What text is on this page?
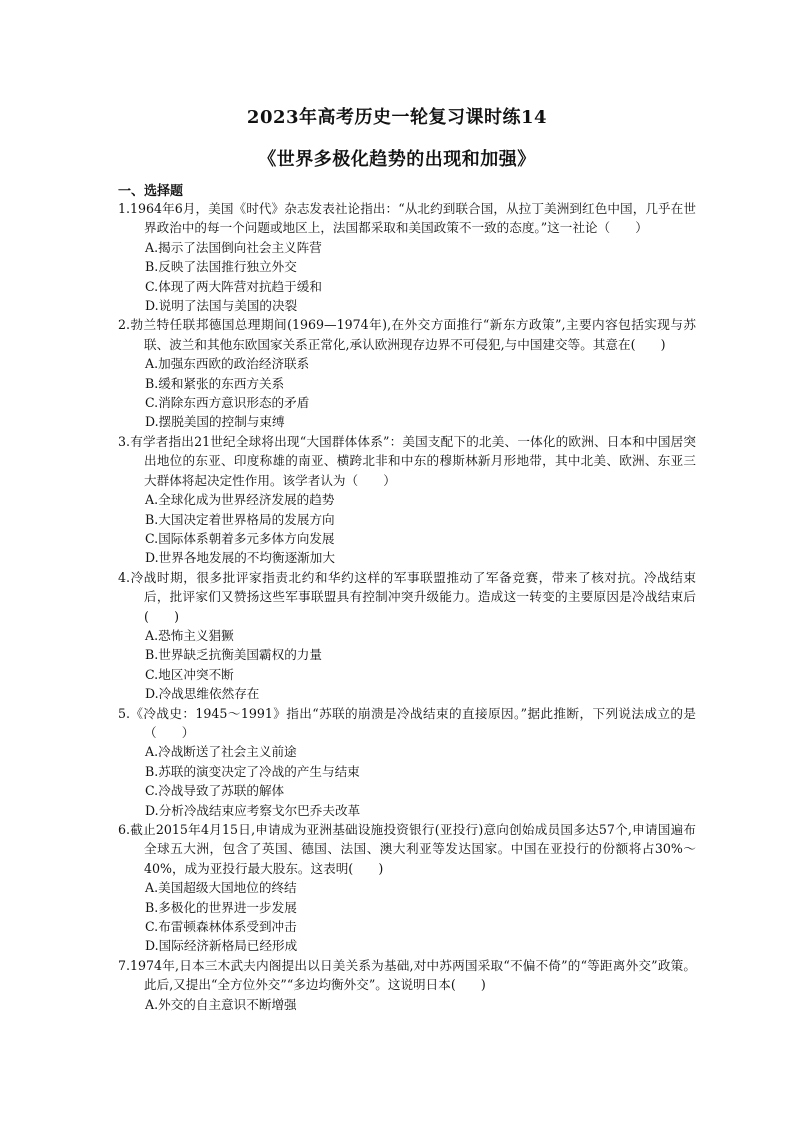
2023年高考历史一轮复习课时练14
《世界多极化趋势的出现和加强》
一、选择题

1.1964年6月，美国《时代》杂志发表社论指出：“从北约到联合国，从拉丁美洲到红色中国，几乎在世界政治中的每一个问题或地区上，法国都采取和美国政策不一致的态度。”这一社论（　　）

A.揭示了法国倒向社会主义阵营

B.反映了法国推行独立外交

C.体现了两大阵营对抗趋于缓和

D.说明了法国与美国的决裂

2.勃兰特任联邦德国总理期间(1969—1974年),在外交方面推行“新东方政策”,主要内容包括实现与苏联、波兰和其他东欧国家关系正常化,承认欧洲现存边界不可侵犯,与中国建交等。其意在(　　)

A.加强东西欧的政治经济联系

B.缓和紧张的东西方关系

C.消除东西方意识形态的矛盾

D.摆脱美国的控制与束缚

3.有学者指出21世纪全球将出现“大国群体体系”：美国支配下的北美、一体化的欧洲、日本和中国居突出地位的东亚、印度称雄的南亚、横跨北非和中东的穆斯林新月形地带，其中北美、欧洲、东亚三大群体将起决定性作用。该学者认为（　　）

A.全球化成为世界经济发展的趋势

B.大国决定着世界格局的发展方向

C.国际体系朝着多元多体方向发展

D.世界各地发展的不均衡逐渐加大

4.冷战时期，很多批评家指责北约和华约这样的军事联盟推动了军备竞赛，带来了核对抗。冷战结束后，批评家们又赞扬这些军事联盟具有控制冲突升级能力。造成这一转变的主要原因是冷战结束后(　　)

A.恐怖主义猖獗

B.世界缺乏抗衡美国霸权的力量

C.地区冲突不断

D.冷战思维依然存在

5.《冷战史：1945～1991》指出“苏联的崩溃是冷战结束的直接原因。”据此推断，下列说法成立的是（　　）

A.冷战断送了社会主义前途

B.苏联的演变决定了冷战的产生与结束

C.冷战导致了苏联的解体

D.分析冷战结束应考察戈尔巴乔夫改革

6.截止2015年4月15日,申请成为亚洲基础设施投资银行(亚投行)意向创始成员国多达57个,申请国遍布全球五大洲，包含了英国、德国、法国、澳大利亚等发达国家。中国在亚投行的份额将占30%～40%，成为亚投行最大股东。这表明(　　)

A.美国超级大国地位的终结

B.多极化的世界进一步发展

C.布雷顿森林体系受到冲击

D.国际经济新格局已经形成

7.1974年,日本三木武夫内阁提出以日美关系为基础,对中苏两国采取“不偏不倚”的“等距离外交”政策。此后,又提出“全方位外交”“多边均衡外交”。这说明日本(　　)

A.外交的自主意识不断增强
